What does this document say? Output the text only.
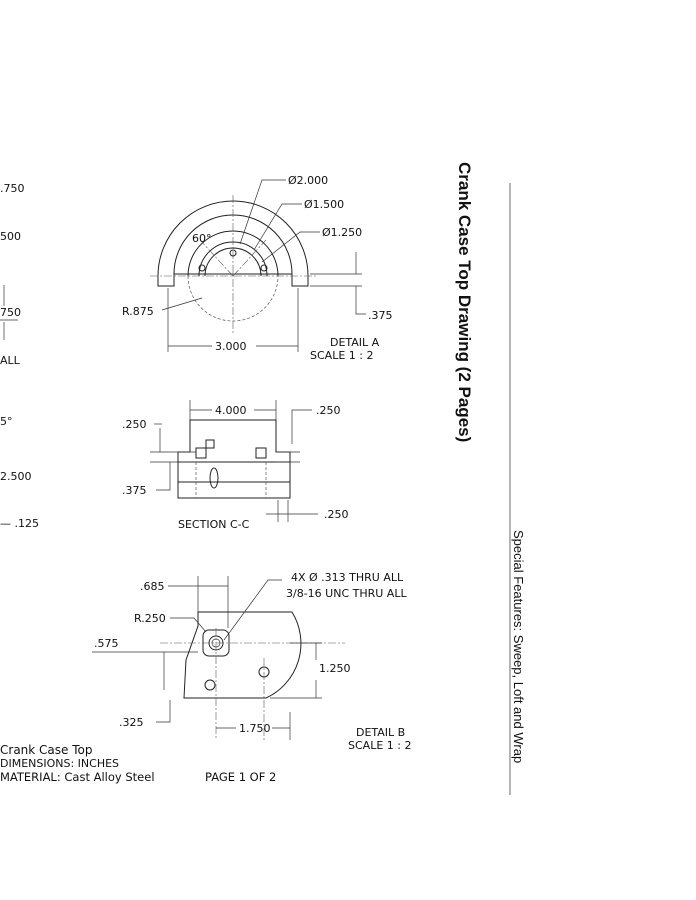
.750
500
750
ALL
5°
2.500
— .125
Ø2.000
Ø1.500
Ø1.250
60°
R.875	.375
3.000	DETAIL A
SCALE 1 : 2
4.000
.250
.250
.375
.250
SECTION C-C
4X Ø .313 THRU ALL
3/8-16 UNC THRU ALL
.685
R.250
.575
1.250
.325	1.750	DETAIL B
SCALE 1 : 2
Crank Case Top
DIMENSIONS: INCHES
MATERIAL: Cast Alloy Steel	PAGE 1 OF 2
Crank Case Top Drawing (2 Pages)
Special Features: Sweep, Loft and Wrap
